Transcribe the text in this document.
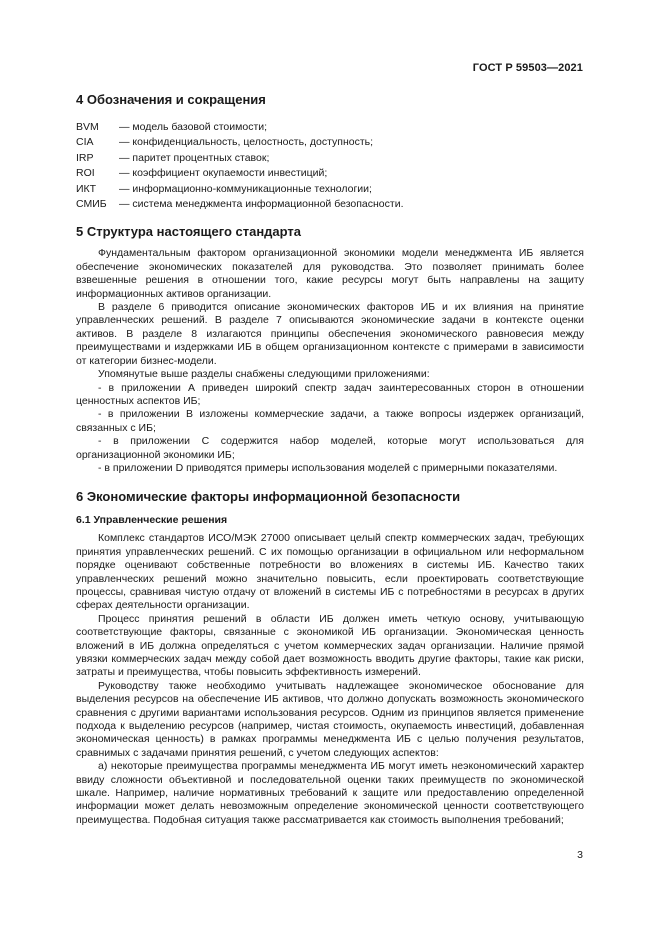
ГОСТ Р 59503—2021
4 Обозначения и сокращения
BVM	— модель базовой стоимости;
CIA	— конфиденциальность, целостность, доступность;
IRP	— паритет процентных ставок;
ROI	— коэффициент окупаемости инвестиций;
ИКТ	— информационно-коммуникационные технологии;
СМИБ	— система менеджмента информационной безопасности.
5 Структура настоящего стандарта

Фундаментальным фактором организационной экономики модели менеджмента ИБ является обеспечение экономических показателей для руководства. Это позволяет принимать более взвешенные решения в отношении того, какие ресурсы могут быть направлены на защиту информационных активов организации.

В разделе 6 приводится описание экономических факторов ИБ и их влияния на принятие управленческих решений. В разделе 7 описываются экономические задачи в контексте оценки активов. В разделе 8 излагаются принципы обеспечения экономического равновесия между преимуществами и издержками ИБ в общем организационном контексте с примерами в зависимости от категории бизнес-модели.

Упомянутые выше разделы снабжены следующими приложениями:

- в приложении А приведен широкий спектр задач заинтересованных сторон в отношении ценностных аспектов ИБ;

- в приложении В изложены коммерческие задачи, а также вопросы издержек организаций, связанных с ИБ;

- в приложении С содержится набор моделей, которые могут использоваться для организационной экономики ИБ;

- в приложении D приводятся примеры использования моделей с примерными показателями.

6 Экономические факторы информационной безопасности
6.1 Управленческие решения

Комплекс стандартов ИСО/МЭК 27000 описывает целый спектр коммерческих задач, требующих принятия управленческих решений. С их помощью организации в официальном или неформальном порядке оценивают собственные потребности во вложениях в системы ИБ. Качество таких управленческих решений можно значительно повысить, если проектировать соответствующие процессы, сравнивая чистую отдачу от вложений в системы ИБ с потребностями в ресурсах в других сферах деятельности организации.

Процесс принятия решений в области ИБ должен иметь четкую основу, учитывающую соответствующие факторы, связанные с экономикой ИБ организации. Экономическая ценность вложений в ИБ должна определяться с учетом коммерческих задач организации. Наличие прямой увязки коммерческих задач между собой дает возможность вводить другие факторы, такие как риски, затраты и преимущества, чтобы повысить эффективность измерений.

Руководству также необходимо учитывать надлежащее экономическое обоснование для выделения ресурсов на обеспечение ИБ активов, что должно допускать возможность экономического сравнения с другими вариантами использования ресурсов. Одним из принципов является применение подхода к выделению ресурсов (например, чистая стоимость, окупаемость инвестиций, добавленная экономическая ценность) в рамках программы менеджмента ИБ с целью получения результатов, сравнимых с задачами принятия решений, с учетом следующих аспектов:

а) некоторые преимущества программы менеджмента ИБ могут иметь неэкономический характер ввиду сложности объективной и последовательной оценки таких преимуществ по экономической шкале. Например, наличие нормативных требований к защите или предоставлению определенной информации может делать невозможным определение экономической ценности соответствующего преимущества. Подобная ситуация также рассматривается как стоимость выполнения требований;

3
